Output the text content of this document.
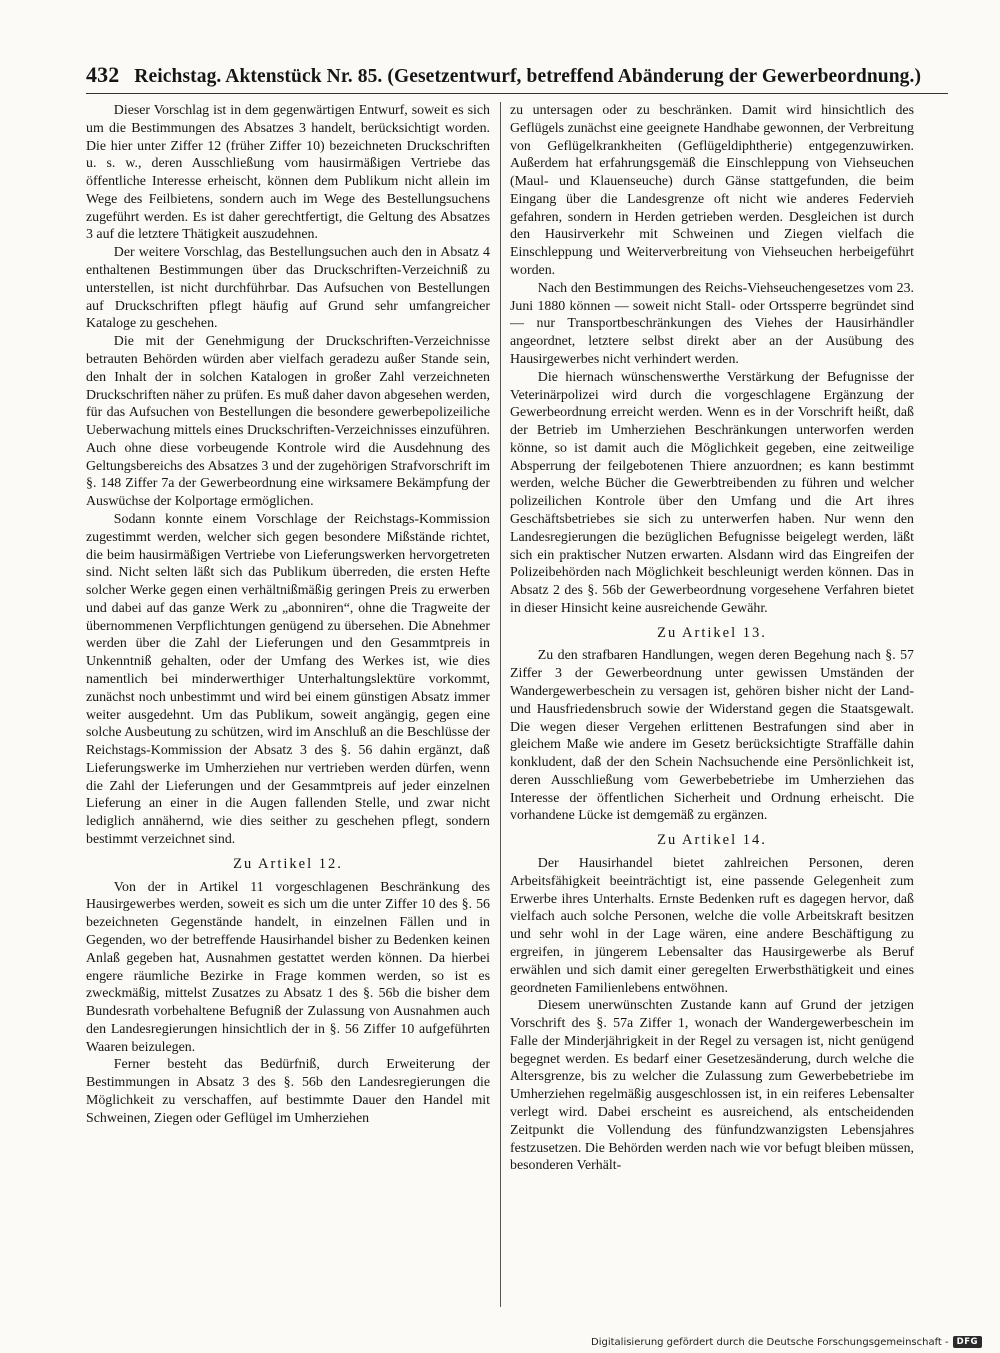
432 Reichstag. Aktenstück Nr. 85. (Gesetzentwurf, betreffend Abänderung der Gewerbeordnung.)

Dieser Vorschlag ist in dem gegenwärtigen Entwurf, soweit es sich um die Bestimmungen des Absatzes 3 handelt, berücksichtigt worden. Die hier unter Ziffer 12 (früher Ziffer 10) bezeichneten Druckschriften u. s. w., deren Ausschließung vom hausirmäßigen Vertriebe das öffentliche Interesse erheischt, können dem Publikum nicht allein im Wege des Feilbietens, sondern auch im Wege des Bestellungsuchens zugeführt werden. Es ist daher gerechtfertigt, die Geltung des Absatzes 3 auf die letztere Thätigkeit auszudehnen.

Der weitere Vorschlag, das Bestellungsuchen auch den in Absatz 4 enthaltenen Bestimmungen über das Druckschriften-Verzeichniß zu unterstellen, ist nicht durchführbar. Das Aufsuchen von Bestellungen auf Druckschriften pflegt häufig auf Grund sehr umfangreicher Kataloge zu geschehen.

Die mit der Genehmigung der Druckschriften-Verzeichnisse betrauten Behörden würden aber vielfach geradezu außer Stande sein, den Inhalt der in solchen Katalogen in großer Zahl verzeichneten Druckschriften näher zu prüfen. Es muß daher davon abgesehen werden, für das Aufsuchen von Bestellungen die besondere gewerbepolizeiliche Ueberwachung mittels eines Druckschriften-Verzeichnisses einzuführen. Auch ohne diese vorbeugende Kontrole wird die Ausdehnung des Geltungsbereichs des Absatzes 3 und der zugehörigen Strafvorschrift im §. 148 Ziffer 7a der Gewerbeordnung eine wirksamere Bekämpfung der Auswüchse der Kolportage ermöglichen.

Sodann konnte einem Vorschlage der Reichstags-Kommission zugestimmt werden, welcher sich gegen besondere Mißstände richtet, die beim hausirmäßigen Vertriebe von Lieferungswerken hervorgetreten sind. Nicht selten läßt sich das Publikum überreden, die ersten Hefte solcher Werke gegen einen verhältnißmäßig geringen Preis zu erwerben und dabei auf das ganze Werk zu „abonniren“, ohne die Tragweite der übernommenen Verpflichtungen genügend zu übersehen. Die Abnehmer werden über die Zahl der Lieferungen und den Gesammtpreis in Unkenntniß gehalten, oder der Umfang des Werkes ist, wie dies namentlich bei minderwerthiger Unterhaltungslektüre vorkommt, zunächst noch unbestimmt und wird bei einem günstigen Absatz immer weiter ausgedehnt. Um das Publikum, soweit angängig, gegen eine solche Ausbeutung zu schützen, wird im Anschluß an die Beschlüsse der Reichstags-Kommission der Absatz 3 des §. 56 dahin ergänzt, daß Lieferungswerke im Umherziehen nur vertrieben werden dürfen, wenn die Zahl der Lieferungen und der Gesammtpreis auf jeder einzelnen Lieferung an einer in die Augen fallenden Stelle, und zwar nicht lediglich annähernd, wie dies seither zu geschehen pflegt, sondern bestimmt verzeichnet sind.

Zu Artikel 12.

Von der in Artikel 11 vorgeschlagenen Beschränkung des Hausirgewerbes werden, soweit es sich um die unter Ziffer 10 des §. 56 bezeichneten Gegenstände handelt, in einzelnen Fällen und in Gegenden, wo der betreffende Hausirhandel bisher zu Bedenken keinen Anlaß gegeben hat, Ausnahmen gestattet werden können. Da hierbei engere räumliche Bezirke in Frage kommen werden, so ist es zweckmäßig, mittelst Zusatzes zu Absatz 1 des §. 56b die bisher dem Bundesrath vorbehaltene Befugniß der Zulassung von Ausnahmen auch den Landesregierungen hinsichtlich der in §. 56 Ziffer 10 aufgeführten Waaren beizulegen.

Ferner besteht das Bedürfniß, durch Erweiterung der Bestimmungen in Absatz 3 des §. 56b den Landesregierungen die Möglichkeit zu verschaffen, auf bestimmte Dauer den Handel mit Schweinen, Ziegen oder Geflügel im Umherziehen

zu untersagen oder zu beschränken. Damit wird hinsichtlich des Geflügels zunächst eine geeignete Handhabe gewonnen, der Verbreitung von Geflügelkrankheiten (Geflügeldiphtherie) entgegenzuwirken. Außerdem hat erfahrungsgemäß die Einschleppung von Viehseuchen (Maul- und Klauenseuche) durch Gänse stattgefunden, die beim Eingang über die Landesgrenze oft nicht wie anderes Federvieh gefahren, sondern in Herden getrieben werden. Desgleichen ist durch den Hausirverkehr mit Schweinen und Ziegen vielfach die Einschleppung und Weiterverbreitung von Viehseuchen herbeigeführt worden.

Nach den Bestimmungen des Reichs-Viehseuchengesetzes vom 23. Juni 1880 können — soweit nicht Stall- oder Ortssperre begründet sind — nur Transportbeschränkungen des Viehes der Hausirhändler angeordnet, letztere selbst direkt aber an der Ausübung des Hausirgewerbes nicht verhindert werden.

Die hiernach wünschenswerthe Verstärkung der Befugnisse der Veterinärpolizei wird durch die vorgeschlagene Ergänzung der Gewerbeordnung erreicht werden. Wenn es in der Vorschrift heißt, daß der Betrieb im Umherziehen Beschränkungen unterworfen werden könne, so ist damit auch die Möglichkeit gegeben, eine zeitweilige Absperrung der feilgebotenen Thiere anzuordnen; es kann bestimmt werden, welche Bücher die Gewerbtreibenden zu führen und welcher polizeilichen Kontrole über den Umfang und die Art ihres Geschäftsbetriebes sie sich zu unterwerfen haben. Nur wenn den Landesregierungen die bezüglichen Befugnisse beigelegt werden, läßt sich ein praktischer Nutzen erwarten. Alsdann wird das Eingreifen der Polizeibehörden nach Möglichkeit beschleunigt werden können. Das in Absatz 2 des §. 56b der Gewerbeordnung vorgesehene Verfahren bietet in dieser Hinsicht keine ausreichende Gewähr.

Zu Artikel 13.

Zu den strafbaren Handlungen, wegen deren Begehung nach §. 57 Ziffer 3 der Gewerbeordnung unter gewissen Umständen der Wandergewerbeschein zu versagen ist, gehören bisher nicht der Land- und Hausfriedensbruch sowie der Widerstand gegen die Staatsgewalt. Die wegen dieser Vergehen erlittenen Bestrafungen sind aber in gleichem Maße wie andere im Gesetz berücksichtigte Straffälle dahin konkludent, daß der den Schein Nachsuchende eine Persönlichkeit ist, deren Ausschließung vom Gewerbebetriebe im Umherziehen das Interesse der öffentlichen Sicherheit und Ordnung erheischt. Die vorhandene Lücke ist demgemäß zu ergänzen.

Zu Artikel 14.

Der Hausirhandel bietet zahlreichen Personen, deren Arbeitsfähigkeit beeinträchtigt ist, eine passende Gelegenheit zum Erwerbe ihres Unterhalts. Ernste Bedenken ruft es dagegen hervor, daß vielfach auch solche Personen, welche die volle Arbeitskraft besitzen und sehr wohl in der Lage wären, eine andere Beschäftigung zu ergreifen, in jüngerem Lebensalter das Hausirgewerbe als Beruf erwählen und sich damit einer geregelten Erwerbsthätigkeit und eines geordneten Familienlebens entwöhnen.

Diesem unerwünschten Zustande kann auf Grund der jetzigen Vorschrift des §. 57a Ziffer 1, wonach der Wandergewerbeschein im Falle der Minderjährigkeit in der Regel zu versagen ist, nicht genügend begegnet werden. Es bedarf einer Gesetzesänderung, durch welche die Altersgrenze, bis zu welcher die Zulassung zum Gewerbebetriebe im Umherziehen regelmäßig ausgeschlossen ist, in ein reiferes Lebensalter verlegt wird. Dabei erscheint es ausreichend, als entscheidenden Zeitpunkt die Vollendung des fünfundzwanzigsten Lebensjahres festzusetzen. Die Behörden werden nach wie vor befugt bleiben müssen, besonderen Verhält-

Digitalisierung gefördert durch die Deutsche Forschungsgemeinschaft - DFG
